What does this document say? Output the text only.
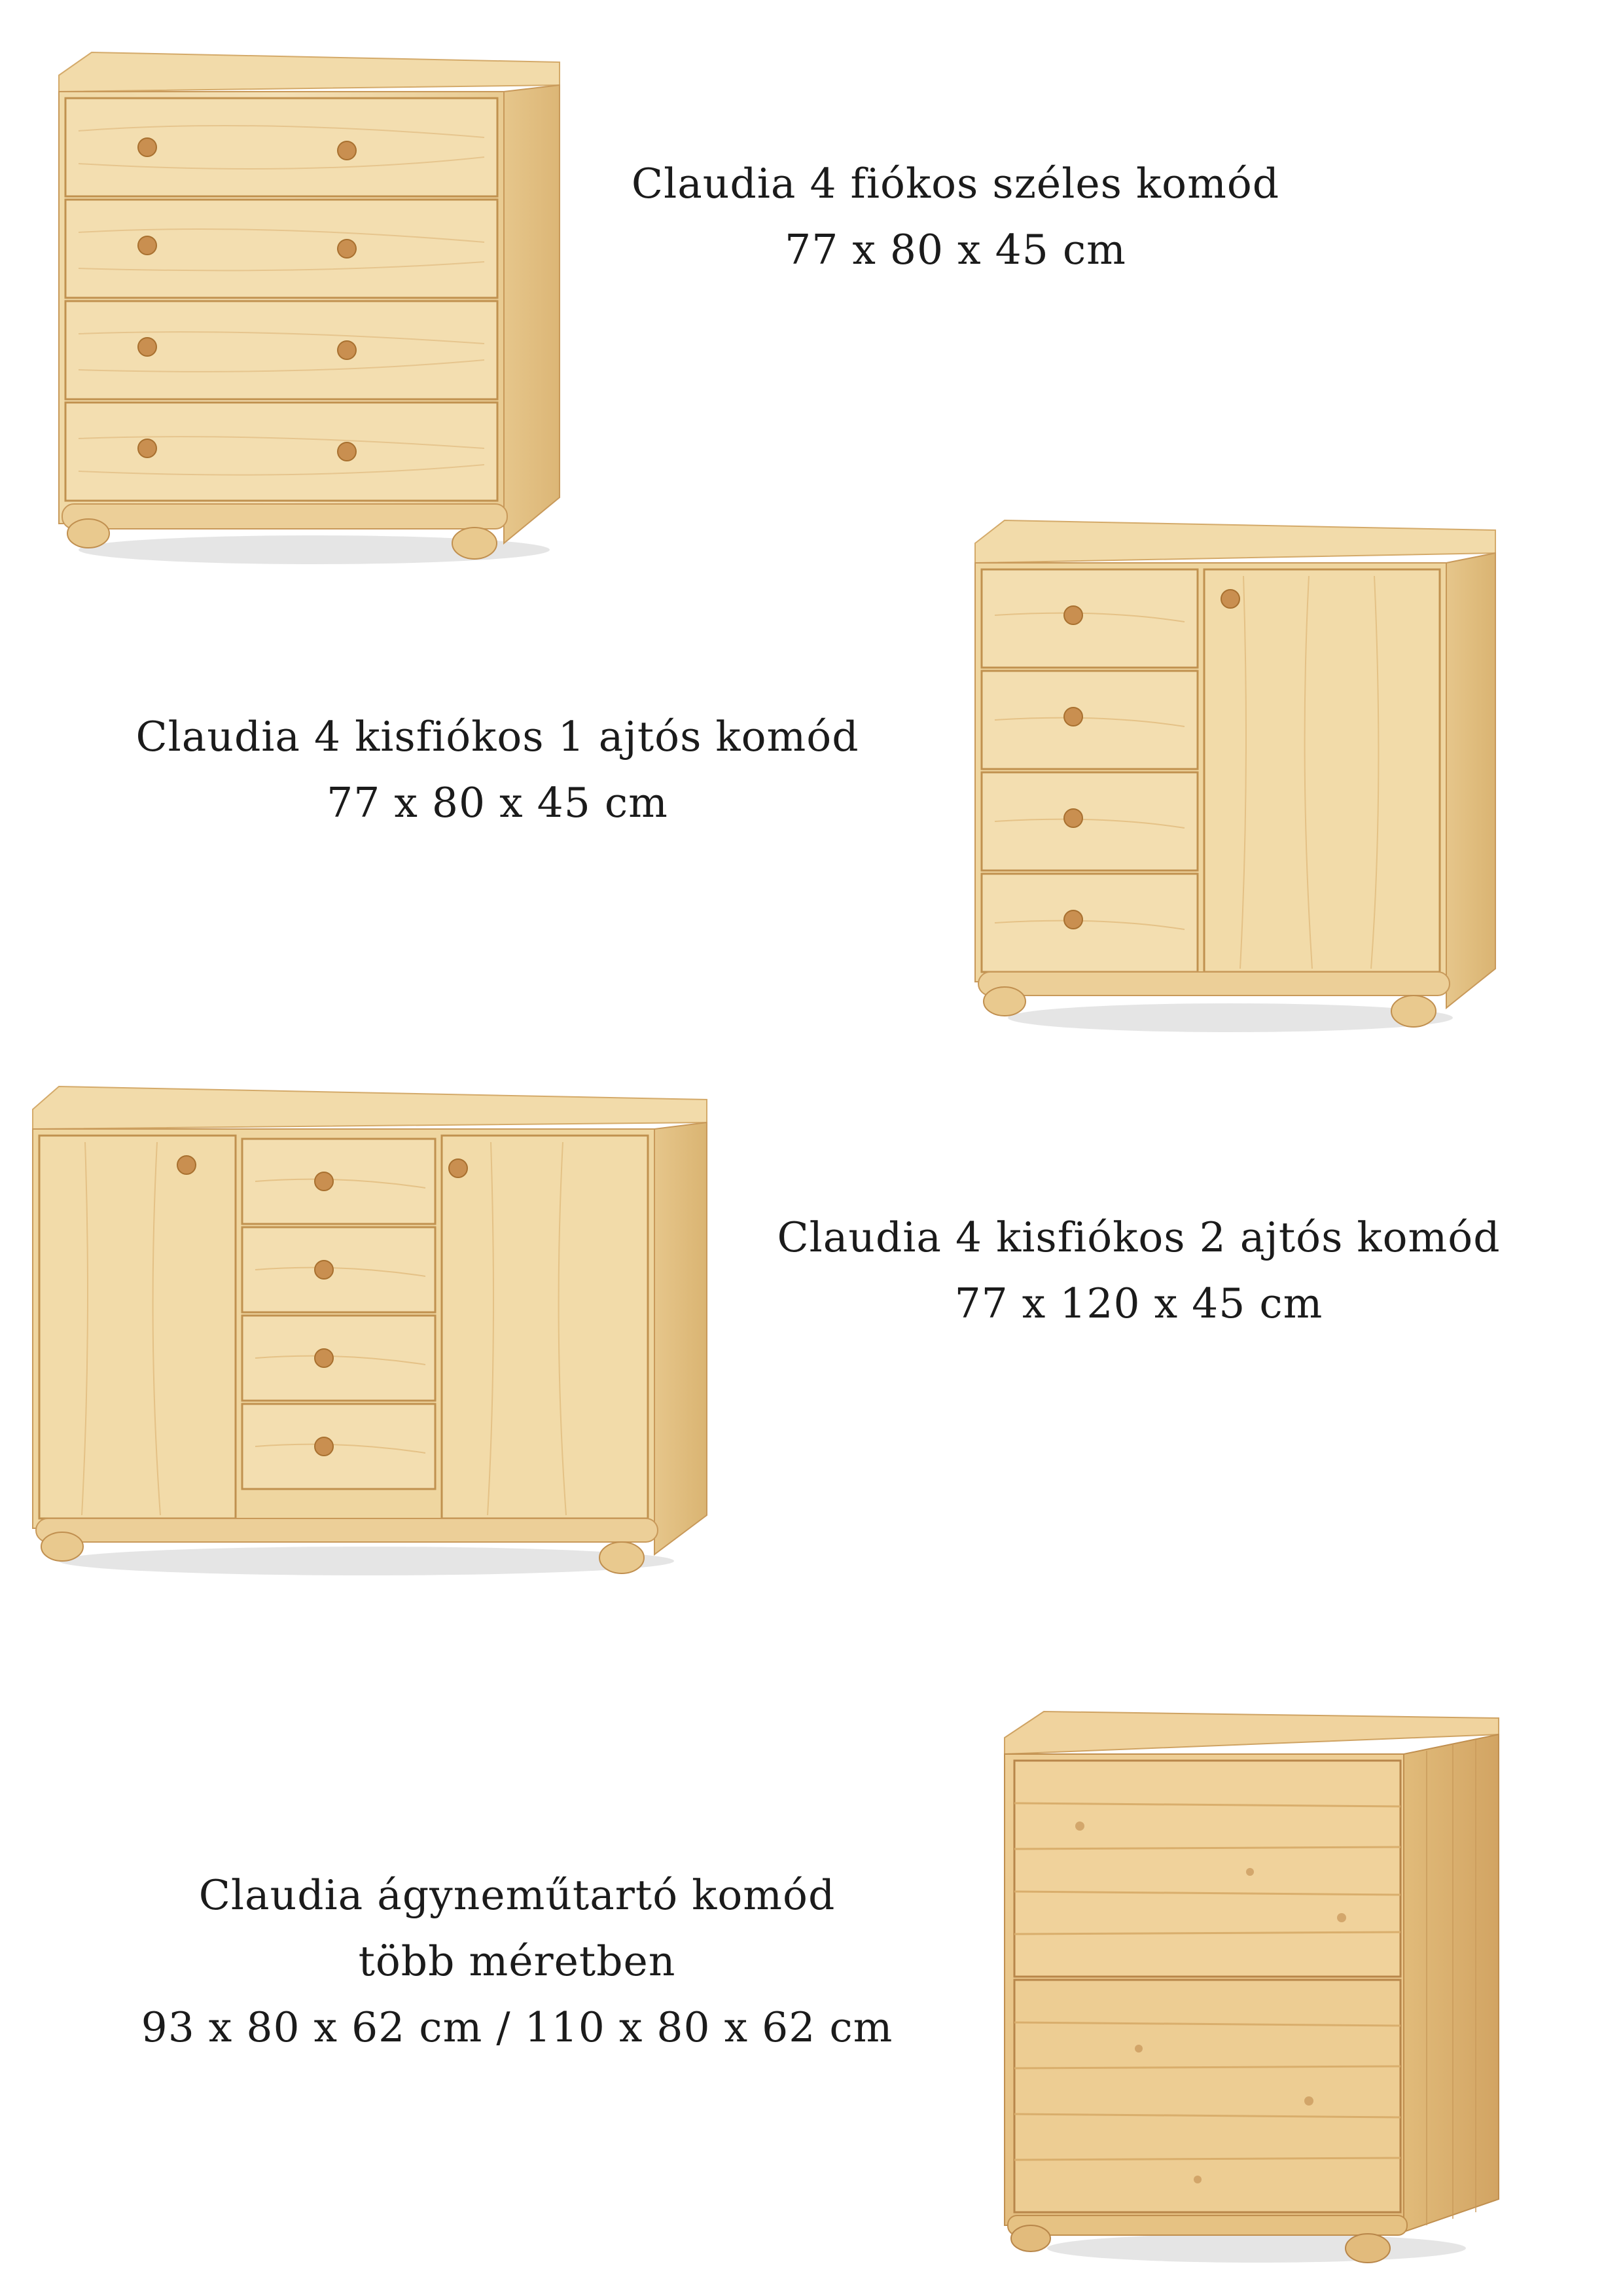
Claudia 4 fiókos széles komód
77 x 80 x 45 cm
Claudia 4 kisfiókos 1 ajtós komód
77 x 80 x 45 cm
Claudia 4 kisfiókos 2 ajtós komód
77 x 120 x 45 cm
Claudia ágyneműtartó komód
több méretben
93 x 80 x 62 cm / 110 x 80 x 62 cm
